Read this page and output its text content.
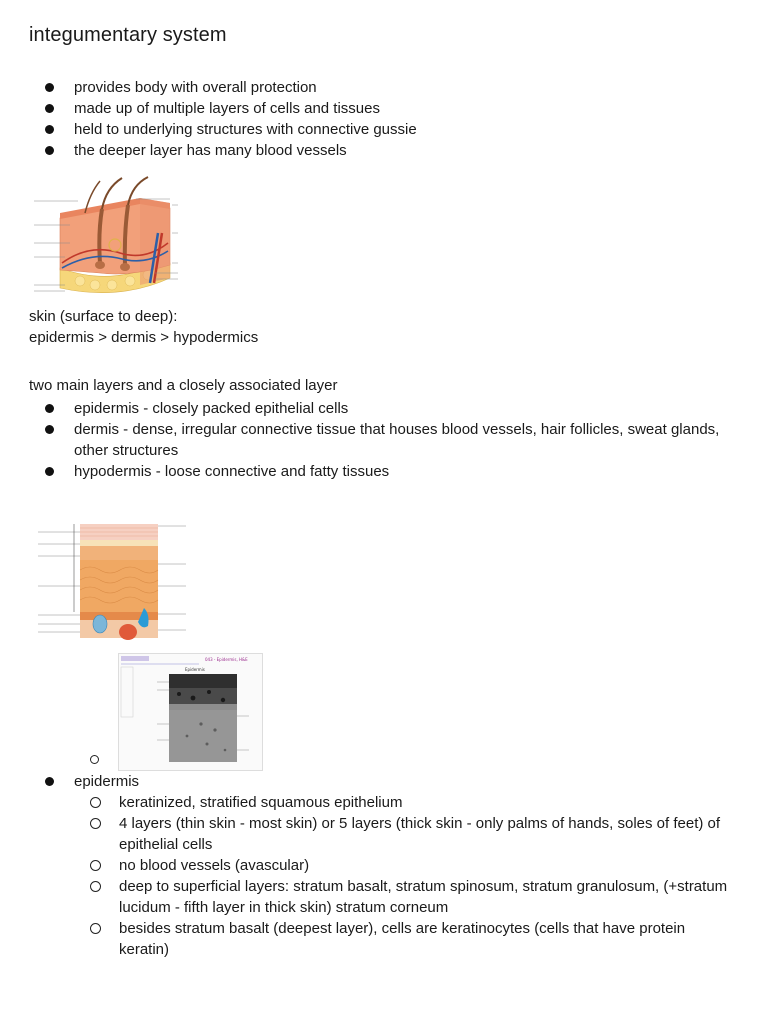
integumentary system
provides body with overall protection
made up of multiple layers of cells and tissues
held to underlying structures with connective gussie
the deeper layer has many blood vessels
skin (surface to deep):
epidermis > dermis > hypodermics
two main layers and a closely associated layer
epidermis - closely packed epithelial cells
dermis - dense, irregular connective tissue that houses blood vessels, hair follicles, sweat glands, other structures
hypodermis - loose connective and fatty tissues
043 - Epidermis, H&E
Epidermis
epidermis
keratinized, stratified squamous epithelium
4 layers (thin skin - most skin) or 5 layers (thick skin - only palms of hands, soles of feet) of epithelial cells
no blood vessels (avascular)
deep to superficial layers: stratum basalt, stratum spinosum, stratum granulosum, (+stratum lucidum - fifth layer in thick skin) stratum corneum
besides stratum basalt (deepest layer), cells are keratinocytes (cells that have protein keratin)
